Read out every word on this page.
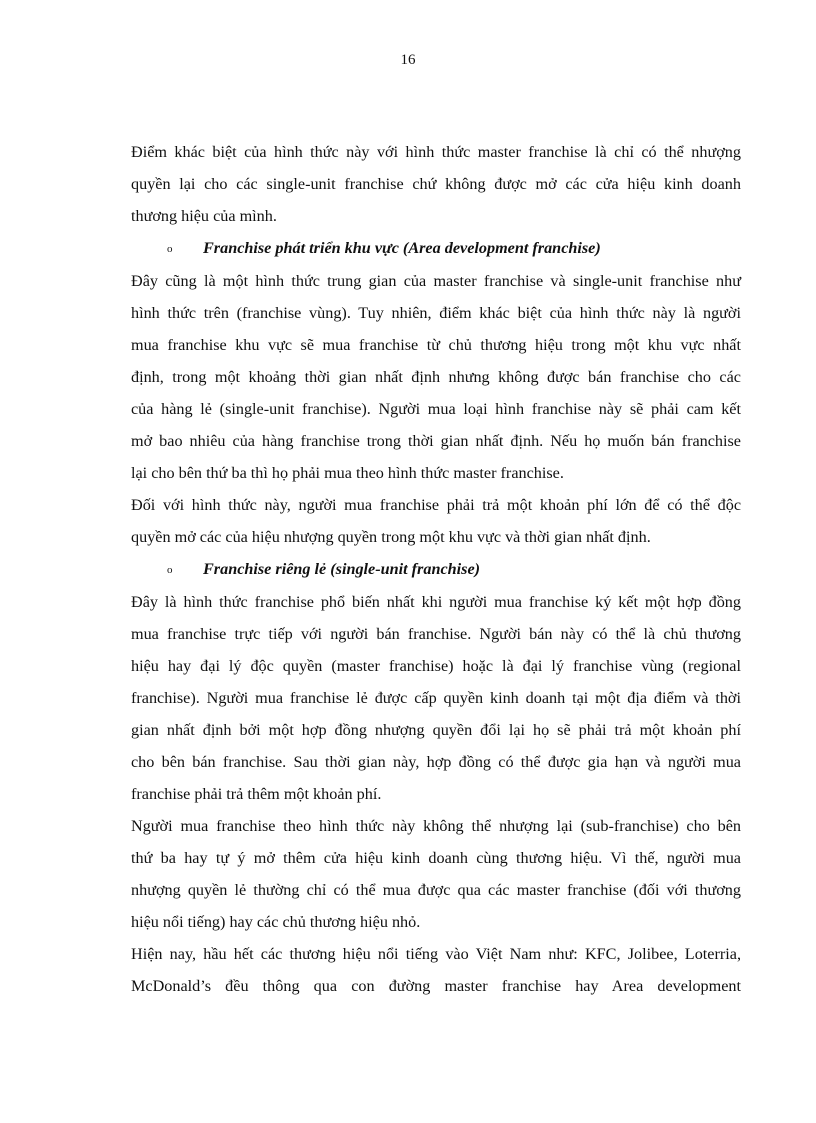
16
Điểm khác biệt của hình thức này với hình thức master franchise là chỉ có thể nhượng
quyền lại cho các single-unit franchise chứ không được mở các cửa hiệu kinh doanh
thương hiệu của mình.
o Franchise phát triển khu vực (Area development franchise)
Đây cũng là một hình thức trung gian của master franchise và single-unit franchise như
hình thức trên (franchise vùng). Tuy nhiên, điểm khác biệt của hình thức này là người
mua franchise khu vực sẽ mua franchise từ chủ thương hiệu trong một khu vực nhất
định, trong một khoảng thời gian nhất định nhưng không được bán franchise cho các
của hàng lẻ (single-unit franchise). Người mua loại hình franchise này sẽ phải cam kết
mở bao nhiêu của hàng franchise trong thời gian nhất định. Nếu họ muốn bán franchise
lại cho bên thứ ba thì họ phải mua theo hình thức master franchise.
Đối với hình thức này, người mua franchise phải trả một khoản phí lớn để có thể độc
quyền mở các của hiệu nhượng quyền trong một khu vực và thời gian nhất định.
o Franchise riêng lẻ (single-unit franchise)
Đây là hình thức franchise phổ biến nhất khi người mua franchise ký kết một hợp đồng
mua franchise trực tiếp với người bán franchise. Người bán này có thể là chủ thương
hiệu hay đại lý độc quyền (master franchise) hoặc là đại lý franchise vùng (regional
franchise). Người mua franchise lẻ được cấp quyền kinh doanh tại một địa điểm và thời
gian nhất định bởi một hợp đồng nhượng quyền đổi lại họ sẽ phải trả một khoản phí
cho bên bán franchise. Sau thời gian này, hợp đồng có thể được gia hạn và người mua
franchise phải trả thêm một khoản phí.
Người mua franchise theo hình thức này không thể nhượng lại (sub-franchise) cho bên
thứ ba hay tự ý mở thêm cửa hiệu kinh doanh cùng thương hiệu. Vì thế, người mua
nhượng quyền lẻ thường chỉ có thể mua được qua các master franchise (đối với thương
hiệu nổi tiếng) hay các chủ thương hiệu nhỏ.
Hiện nay, hầu hết các thương hiệu nổi tiếng vào Việt Nam như: KFC, Jolibee, Loterria,
McDonald’s đều thông qua con đường master franchise hay Area development
